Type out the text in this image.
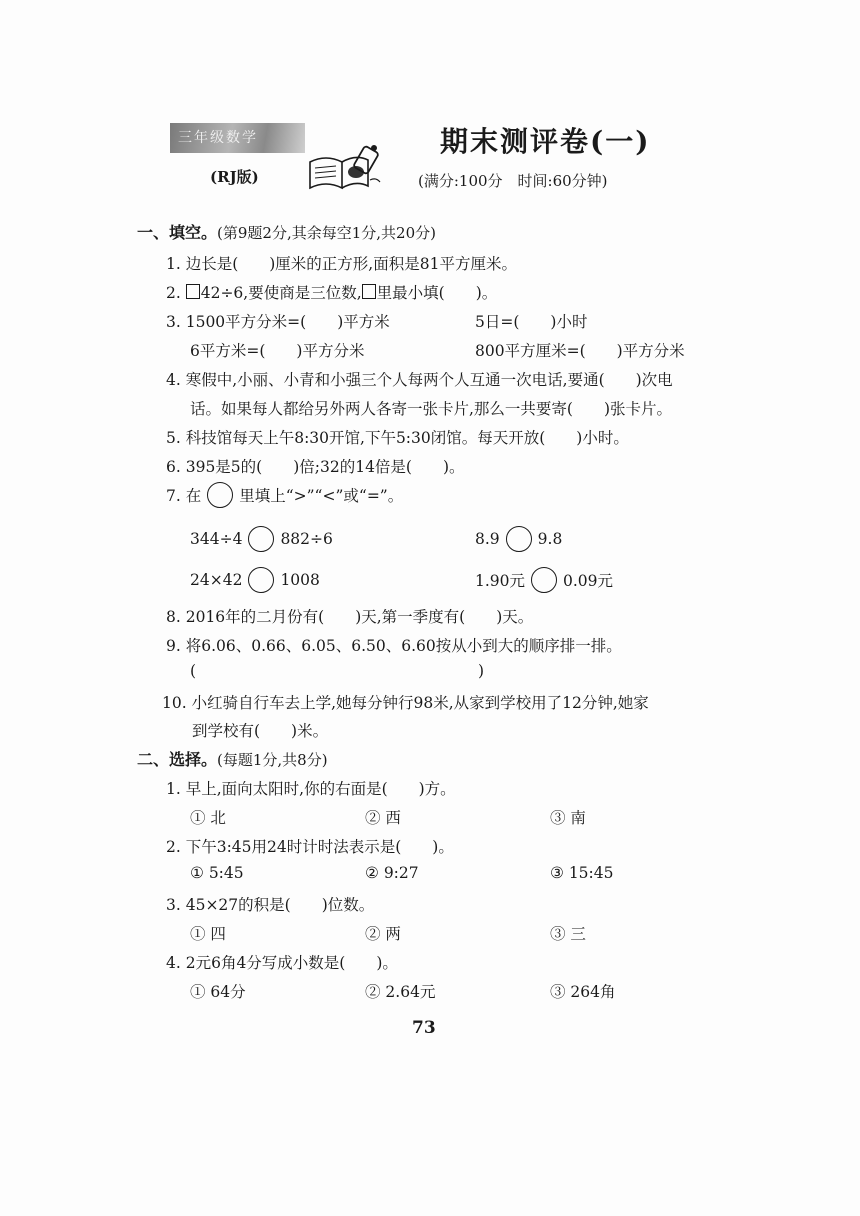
三年级数学
(RJ版)
期末测评卷(一)
(满分:100分　时间:60分钟)
一、填空。(第9题2分,其余每空1分,共20分)
1. 边长是(　　)厘米的正方形,面积是81平方厘米。
2. 42÷6,要使商是三位数, 里最小填(　　)。
3. 1500平方分米=(　　)平方米	5日=(　　)小时
6平方米=(　　)平方分米	800平方厘米=(　　)平方分米
4. 寒假中,小丽、小青和小强三个人每两个人互通一次电话,要通(　　)次电
话。如果每人都给另外两人各寄一张卡片,那么一共要寄(　　)张卡片。
5. 科技馆每天上午8:30开馆,下午5:30闭馆。每天开放(　　)小时。
6. 395是5的(　　)倍;32的14倍是(　　)。
7. 在 里填上“>”“<”或“=”。
344÷4 882÷6	8.9 9.8
24×42 1008	1.90元 0.09元
8. 2016年的二月份有(　　)天,第一季度有(　　)天。
9. 将6.06、0.66、6.05、6.50、6.60按从小到大的顺序排一排。
(	)
10. 小红骑自行车去上学,她每分钟行98米,从家到学校用了12分钟,她家
到学校有(　　)米。
二、选择。(每题1分,共8分)
1. 早上,面向太阳时,你的右面是(　　)方。
① 北	② 西	③ 南
2. 下午3:45用24时计时法表示是(　　)。
① 5:45	② 9:27	③ 15:45
3. 45×27的积是(　　)位数。
① 四	② 两	③ 三
4. 2元6角4分写成小数是(　　)。
① 64分	② 2.64元	③ 264角
73
